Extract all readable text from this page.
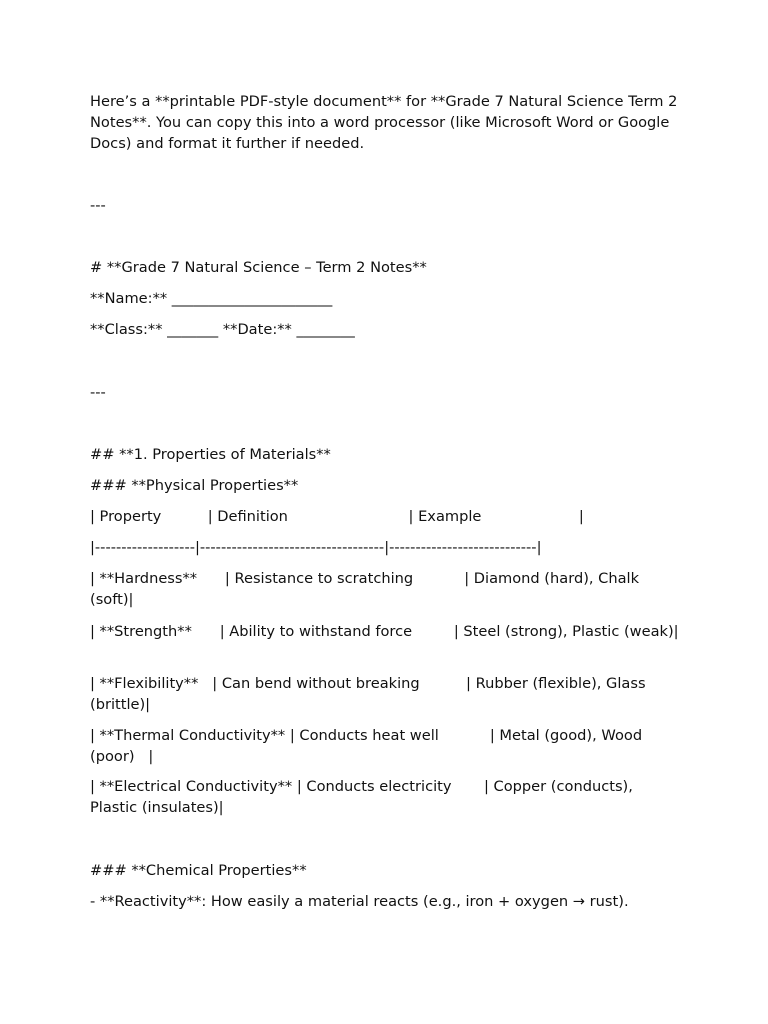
Here’s a **printable PDF-style document** for **Grade 7 Natural Science Term 2 Notes**. You can copy this into a word processor (like Microsoft Word or Google Docs) and format it further if needed.

---

# **Grade 7 Natural Science – Term 2 Notes**

**Name:** ______________________

**Class:** _______ **Date:** ________

---

## **1. Properties of Materials**

### **Physical Properties**

| Property          | Definition                          | Example                     |

|-------------------|-----------------------------------|----------------------------|

| **Hardness**      | Resistance to scratching           | Diamond (hard), Chalk (soft)|

| **Strength**      | Ability to withstand force         | Steel (strong), Plastic (weak)|

| **Flexibility**   | Can bend without breaking          | Rubber (flexible), Glass (brittle)|

| **Thermal Conductivity** | Conducts heat well           | Metal (good), Wood (poor)   |

| **Electrical Conductivity** | Conducts electricity       | Copper (conducts), Plastic (insulates)|

### **Chemical Properties**

- **Reactivity**: How easily a material reacts (e.g., iron + oxygen → rust).
